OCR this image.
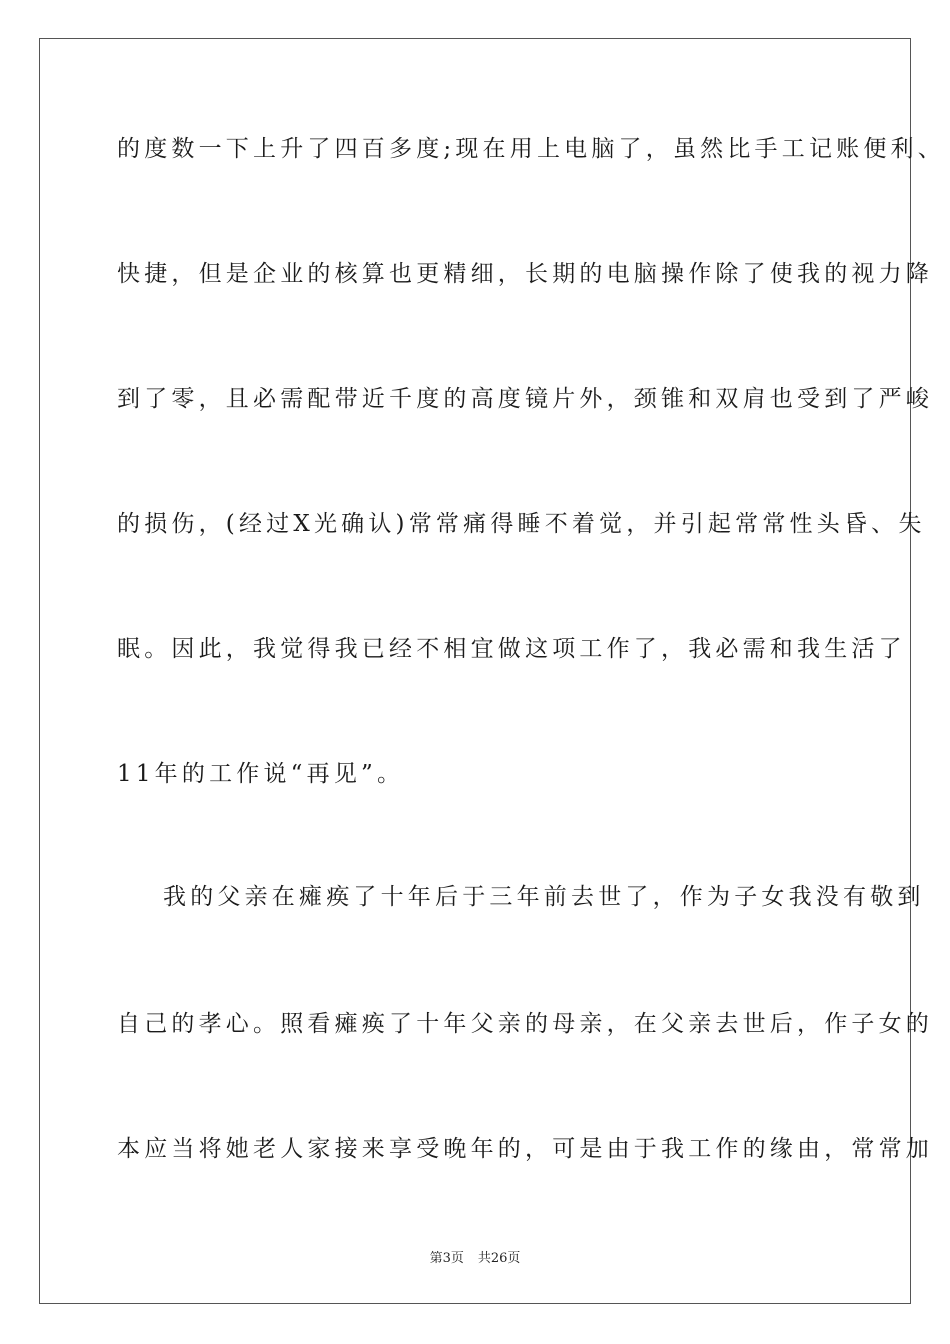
的度数一下上升了四百多度;现在用上电脑了，虽然比手工记账便利、
快捷，但是企业的核算也更精细，长期的电脑操作除了使我的视力降
到了零，且必需配带近千度的高度镜片外，颈锥和双肩也受到了严峻
的损伤，(经过X光确认)常常痛得睡不着觉，并引起常常性头昏、失
眠。因此，我觉得我已经不相宜做这项工作了，我必需和我生活了
11年的工作说“再见”。
我的父亲在瘫痪了十年后于三年前去世了，作为子女我没有敬到
自己的孝心。照看瘫痪了十年父亲的母亲，在父亲去世后，作子女的
本应当将她老人家接来享受晚年的，可是由于我工作的缘由，常常加
第3页 共26页
